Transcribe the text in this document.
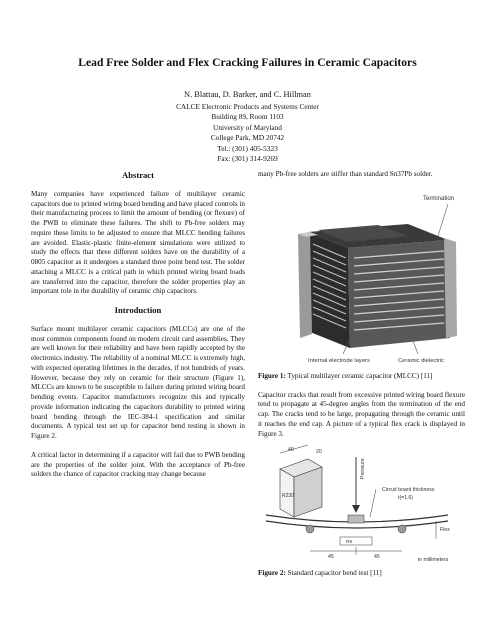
Lead Free Solder and Flex Cracking Failures in Ceramic Capacitors
N. Blattau, D. Barker, and C. Hillman
CALCE Electronic Products and Systems Center
Building 89, Room 1103
University of Maryland
College Park, MD 20742
Tel.: (301) 405-5323
Fax: (301) 314-9269
Abstract

Many companies have experienced failure of multilayer ceramic capacitors due to printed wiring board bending and have placed controls in their manufacturing process to limit the amount of bending (or flexure) of the PWB to eliminate these failures. The shift to Pb-free solders may require these limits to be adjusted to ensure that MLCC bending failures are avoided. Elastic-plastic finite-element simulations were utilized to study the effects that three different solders have on the durability of a 0805 capacitor as it undergoes a standard three point bend test. The solder attaching a MLCC is a critical path in which printed wiring board loads are transferred into the capacitor, therefore the solder properties play an important role in the durability of ceramic chip capacitors.

Introduction

Surface mount multilayer ceramic capacitors (MLCCs) are one of the most common components found on modern circuit card assemblies. They are well known for their reliability and have been rapidly accepted by the electronics industry. The reliability of a nominal MLCC is extremely high, with expected operating lifetimes in the decades, if not hundreds of years. However, because they rely on ceramic for their structure (Figure 1), MLCCs are known to be susceptible to failure during printed wiring board bending events. Capacitor manufacturers recognize this and typically provide information indicating the capacitors durability to printed wiring board bending through the IEC-384-1 specification and similar documents. A typical test set up for capacitor bend testing is shown in Figure 2.

A critical factor in determining if a capacitor will fail due to PWB bending are the properties of the solder joint. With the acceptance of Pb-free solders the chance of capacitor cracking may change because

many Pb-free solders are stiffer than standard Sn37Pb solder.

Termination
Internal electrode layers	Ceramic dielectric

Figure 1: Typical multilayer ceramic capacitor (MLCC) [11]

Capacitor cracks that result from excessive printed wiring board flexure tend to propagate at 45-degree angles from the termination of the end cap. The cracks tend to be large, propagating through the ceramic until it reaches the end cap. A picture of a typical flex crack is displayed in Figure 3.

40	20
R230
Pressure
R5
45	45
Circuit board thickness
t(=1.6)
Flex
in millimeters

Figure 2: Standard capacitor bend test [11]
